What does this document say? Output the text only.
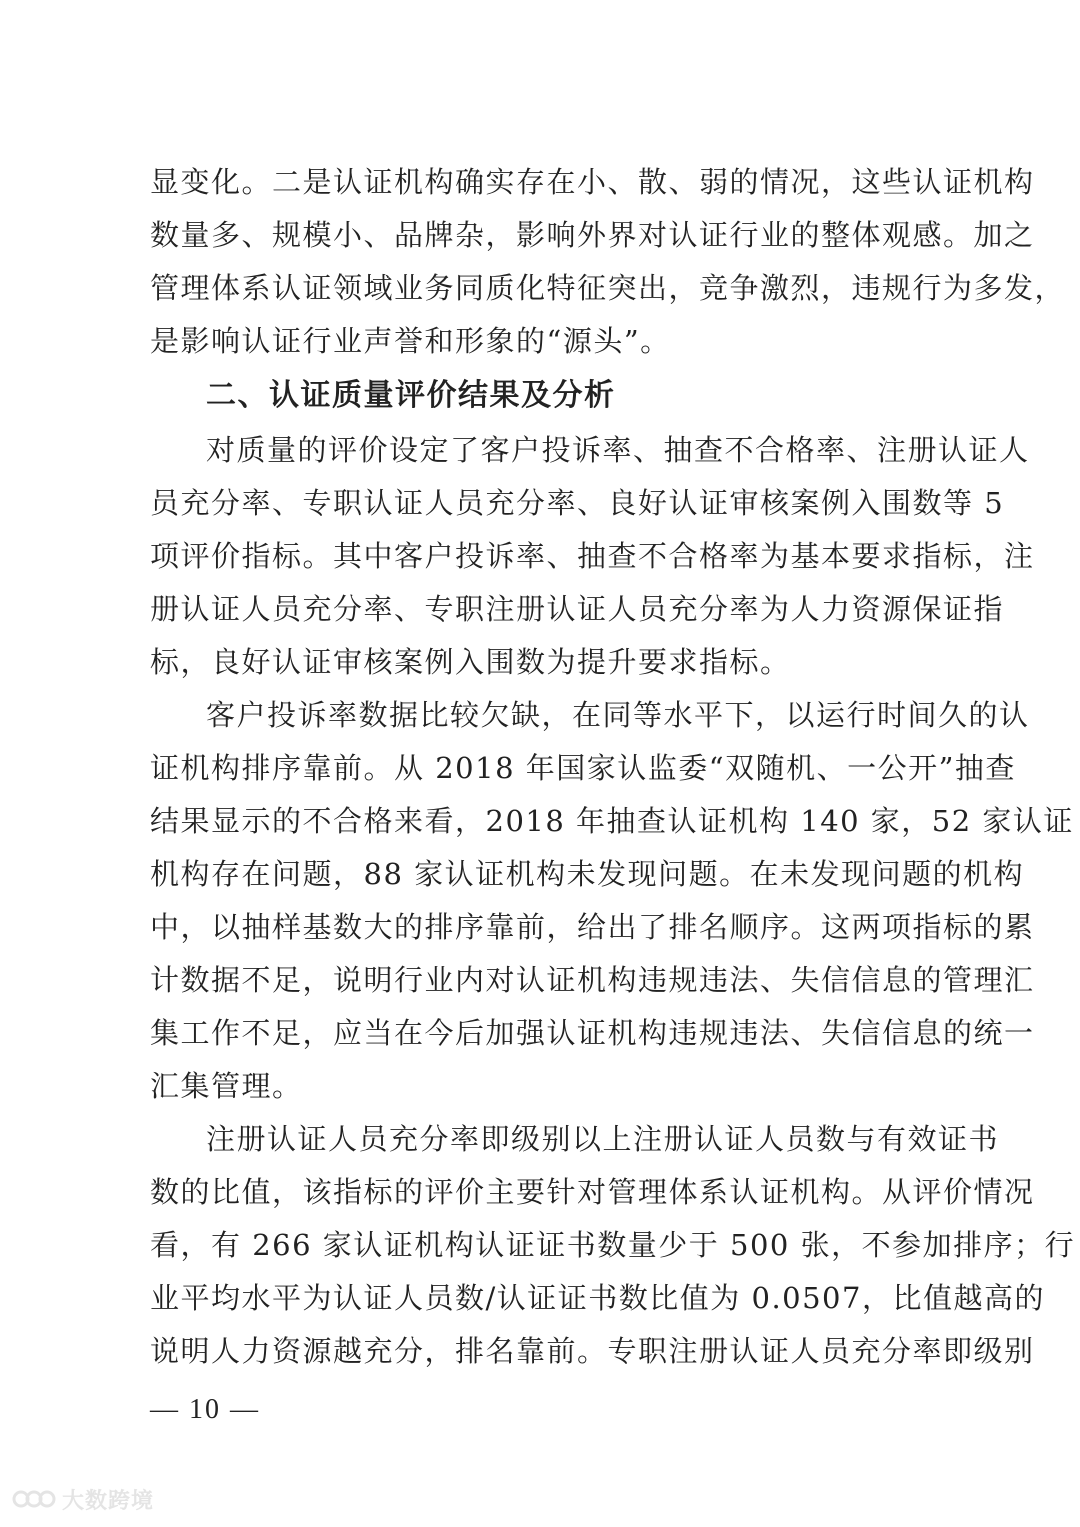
显变化。二是认证机构确实存在小、散、弱的情况，这些认证机构
数量多、规模小、品牌杂，影响外界对认证行业的整体观感。加之
管理体系认证领域业务同质化特征突出，竞争激烈，违规行为多发，
是影响认证行业声誉和形象的“源头”。
二、认证质量评价结果及分析
对质量的评价设定了客户投诉率、抽查不合格率、注册认证人
员充分率、专职认证人员充分率、良好认证审核案例入围数等 5
项评价指标。其中客户投诉率、抽查不合格率为基本要求指标，注
册认证人员充分率、专职注册认证人员充分率为人力资源保证指
标，良好认证审核案例入围数为提升要求指标。
客户投诉率数据比较欠缺，在同等水平下，以运行时间久的认
证机构排序靠前。从 2018 年国家认监委“双随机、一公开”抽查
结果显示的不合格来看，2018 年抽查认证机构 140 家，52 家认证
机构存在问题，88 家认证机构未发现问题。在未发现问题的机构
中，以抽样基数大的排序靠前，给出了排名顺序。这两项指标的累
计数据不足，说明行业内对认证机构违规违法、失信信息的管理汇
集工作不足，应当在今后加强认证机构违规违法、失信信息的统一
汇集管理。
注册认证人员充分率即级别以上注册认证人员数与有效证书
数的比值，该指标的评价主要针对管理体系认证机构。从评价情况
看，有 266 家认证机构认证证书数量少于 500 张，不参加排序；行
业平均水平为认证人员数/认证证书数比值为 0.0507，比值越高的
说明人力资源越充分，排名靠前。专职注册认证人员充分率即级别
— 10 —
大数跨境
